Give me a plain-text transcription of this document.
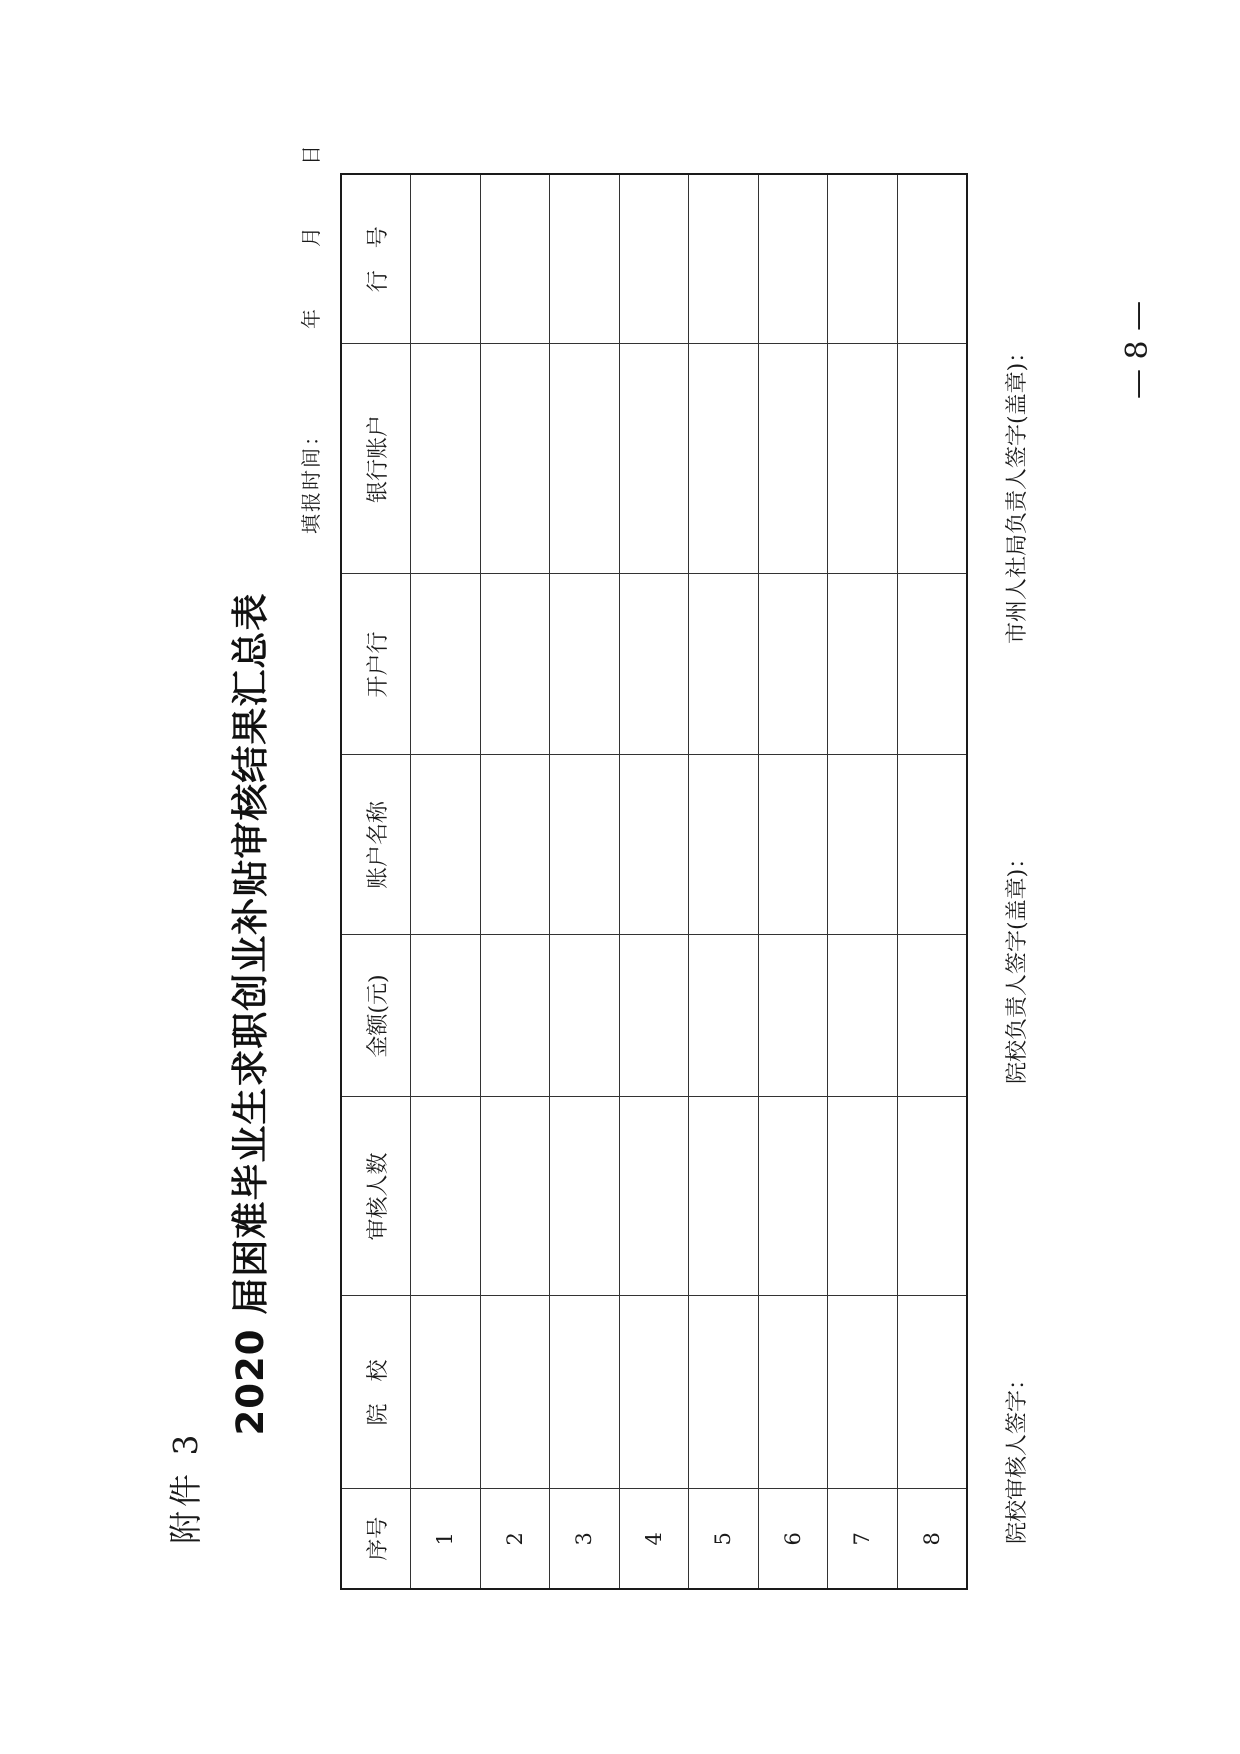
附件 3
2020 届困难毕业生求职创业补贴审核结果汇总表
填报时间：
年
月
日
序号	院　校	审核人数	金额(元)	账户名称	开户行	银行账户	行　号
1							
2							
3							
4							
5							
6							
7							
8								院校审核人签字：
院校负责人签字(盖章)：
市州人社局负责人签字(盖章)：	— 8 —
